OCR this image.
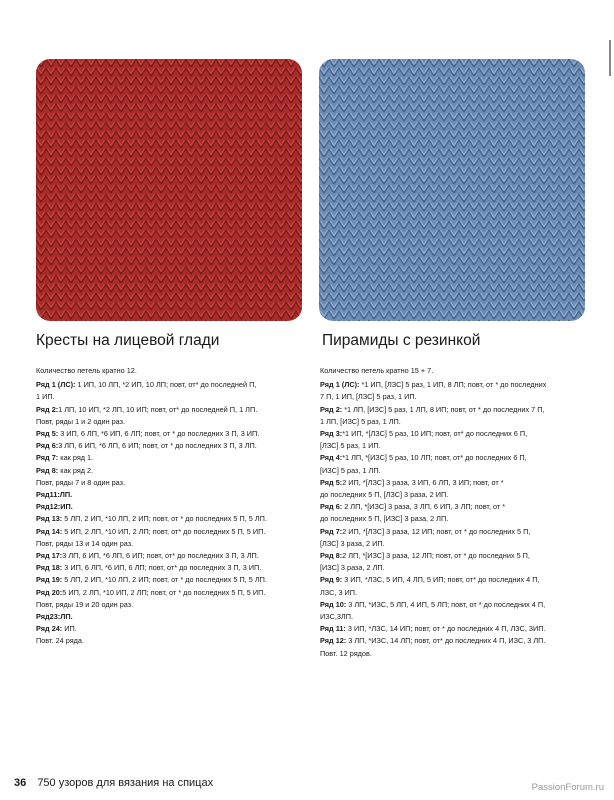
Кресты на лицевой глади	Пирамиды с резинкой

Количество петель кратно 12.

Ряд 1 (ЛС): 1 ИП, 10 ЛП, *2 ИП, 10 ЛП; повт, от* до последней П,
1 ИП.
Ряд 2:1 ЛП, 10 ИП, *2 ЛП, 10 ИП; повт, от* до последней П, 1 ЛП.
Повт, ряды 1 и 2 один раз.
Ряд 5: 3 ИП, 6 ЛП, *6 ИП, 6 ЛП; повт, от * до последних 3 П, 3 ИП.
Ряд 6:3 ЛП, 6 ИП, *6 ЛП, 6 ИП; повт, от * до последних 3 П, 3 ЛП.
Ряд 7: как ряд 1.
Ряд 8: как ряд 2.
Повт, ряды 7 и 8 один раз.
Ряд11:ЛП.
Ряд12:ИП.
Ряд 13: 5 ЛП, 2 ИП, *10 ЛП, 2 ИП; повт, от * до последних 5 П, 5 ЛП.
Ряд 14: 5 ИП, 2 ЛП, *10 ИП, 2 ЛП; повт, от* до последних 5 П, 5 ИП.
Повт, ряды 13 и 14 один раз.
Ряд 17:3 ЛП, 6 ИП, *6 ЛП, 6 ИП; повт, от* до последних 3 П, 3 ЛП.
Ряд 18: 3 ИП, 6 ЛП, *6 ИП, 6 ЛП; повт, от* до последних 3 П, 3 ИП.
Ряд 19: 5 ЛП, 2 ИП, *10 ЛП, 2 ИП; повт, от * до последних 5 П, 5 ЛП.
Ряд 20:5 ИП, 2 ЛП, *10 ИП, 2 ЛП; повт, от * до последних 5 П, 5 ИП.
Повт, ряды 19 и 20 один раз.
Ряд23:ЛП.
Ряд 24: ИП.
Повт. 24 ряда.

Количество петель кратно 15 + 7.

Ряд 1 (ЛС): *1 ИП, [ЛЗС] 5 раз, 1 ИП, 8 ЛП; повт, от * до последних
7 П, 1 ИП, [ЛЗС] 5 раз, 1 ИП.
Ряд 2: *1 ЛП, [ИЗС] 5 раз, 1 ЛП, 8 ИП; повт, от * до последних 7 П,
1 ЛП, [ИЗС] 5 раз, 1 ЛП.
Ряд 3:*1 ИП, *[ЛЗС] 5 раз, 10 ИП; повт, от* до последних 6 П,
[ЛЗС] 5 раз, 1 ИП.
Ряд 4:*1 ЛП, *[ИЗС] 5 раз, 10 ЛП; повт, от* до последних 6 П,
[ИЗС] 5 раз, 1 ЛП.
Ряд 5:2 ИП, *[ЛЗС] 3 раза, 3 ИП, 6 ЛП, 3 ИП; повт, от *
до последних 5 П, [ЛЗС] 3 раза, 2 ИП.
Ряд 6: 2 ЛП, *[ИЗС] 3 раза, 3 ЛП, 6 ИП, 3 ЛП; повт, от *
до последних 5 П, [ИЗС] 3 раза, 2 ЛП.
Ряд 7:2 ИП, *[ЛЗС] 3 раза, 12 ИП; повт, от * до последних 5 П,
[ЛЗС] 3 раза, 2 ИП.
Ряд 8:2 ЛП, *[ИЗС] 3 раза, 12 ЛП; повт, от * до последних 5 П,
[ИЗС] 3 раза, 2 ЛП.
Ряд 9: 3 ИП, *ЛЗС, 5 ИП, 4 ЛП, 5 ИП; повт, от* до последних 4 П,
ЛЗС, 3 ИП.
Ряд 10: 3 ЛП, *ИЗС, 5 ЛП, 4 ИП, 5 ЛП; повт, от * до последних 4 П,
ИЗС,3ЛП.
Ряд 11: 3 ИП, *ЛЗС, 14 ИП; повт, от * до последних 4 П, ЛЗС, 3ИП.
Ряд 12: 3 ЛП, *ИЗС, 14 ЛП; повт, от* до последних 4 П, ИЗС, 3 ЛП.
Повт. 12 рядов.
36 750 узоров для вязания на спицах	PassionForum.ru
